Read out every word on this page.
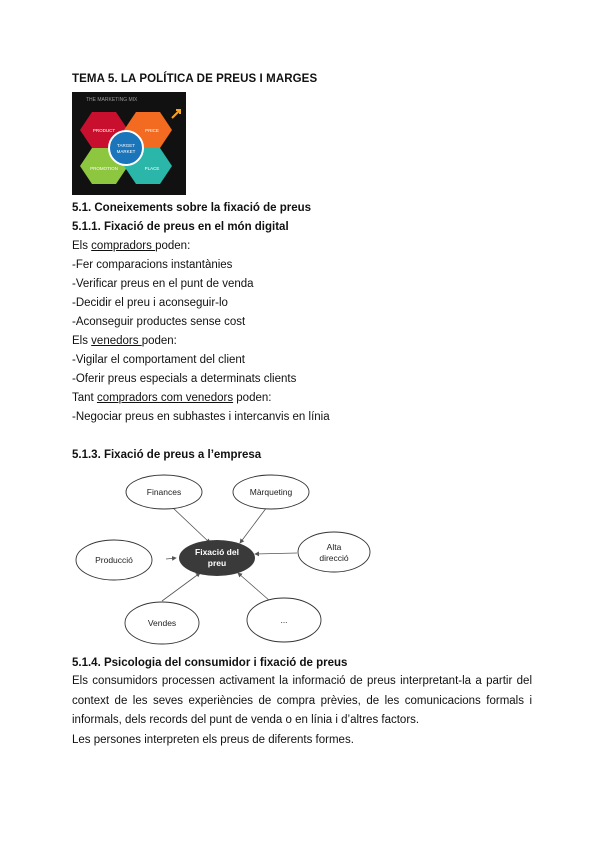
TEMA 5. LA POLÍTICA DE PREUS I MARGES
THE MARKETING MIX
TARGET
MARKET
PRODUCT	PRICE
PROMOTION	PLACE
5.1. Coneixements sobre la fixació de preus
5.1.1. Fixació de preus en el món digital
Els compradors poden:
-Fer comparacions instantànies
-Verificar preus en el punt de venda
-Decidir el preu i aconseguir-lo
-Aconseguir productes sense cost
Els venedors poden:
-Vigilar el comportament del client
-Oferir preus especials a determinats clients
Tant compradors com venedors poden:
-Negociar preus en subhastes i intercanvis en línia
5.1.3. Fixació de preus a l’empresa
Fixació del
preu
Finances	Màrqueting
Alta
direcció
Producció
Vendes	...
5.1.4. Psicologia del consumidor i fixació de preus
Els consumidors processen activament la informació de preus interpretant-la a partir del
context de les seves experiències de compra prèvies, de les comunicacions formals i
informals, dels records del punt de venda o en línia i d’altres factors.
Les persones interpreten els preus de diferents formes.
